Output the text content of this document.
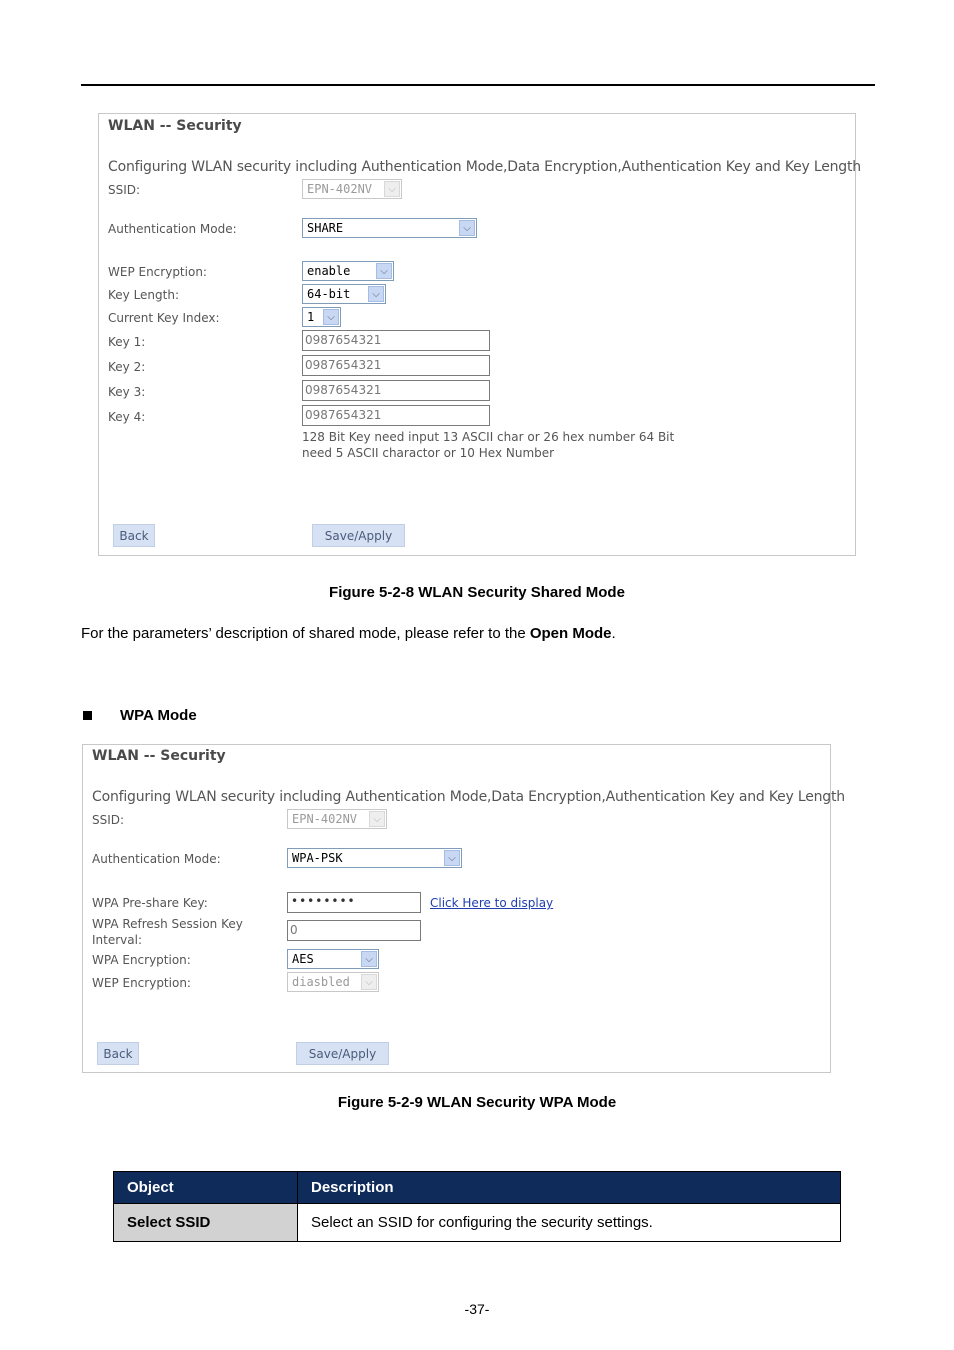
WLAN -- Security
Configuring WLAN security including Authentication Mode,Data Encryption,Authentication Key and Key Length
SSID:	EPN-402NV	⌵
Authentication Mode:	SHARE	⌵
WEP Encryption:	enable	⌵
Key Length:	64-bit	⌵
Current Key Index:	1	⌵
Key 1:	0987654321
Key 2:	0987654321
Key 3:	0987654321
Key 4:	0987654321
128 Bit Key need input 13 ASCII char or 26 hex number 64 Bit
need 5 ASCII charactor or 10 Hex Number
Back	Save/Apply
Figure 5-2-8 WLAN Security Shared Mode
For the parameters’ description of shared mode, please refer to the Open Mode.
WPA Mode
WLAN -- Security
Configuring WLAN security including Authentication Mode,Data Encryption,Authentication Key and Key Length
SSID:	EPN-402NV	⌵
Authentication Mode:	WPA-PSK	⌵
WPA Pre-share Key:	••••••••	Click Here to display
WPA Refresh Session Key
Interval:
0
WPA Encryption:	AES	⌵
WEP Encryption:	diasbled	⌵
Back	Save/Apply
Figure 5-2-9 WLAN Security WPA Mode
Object	Description
Select SSID	Select an SSID for configuring the security settings.
-37-
